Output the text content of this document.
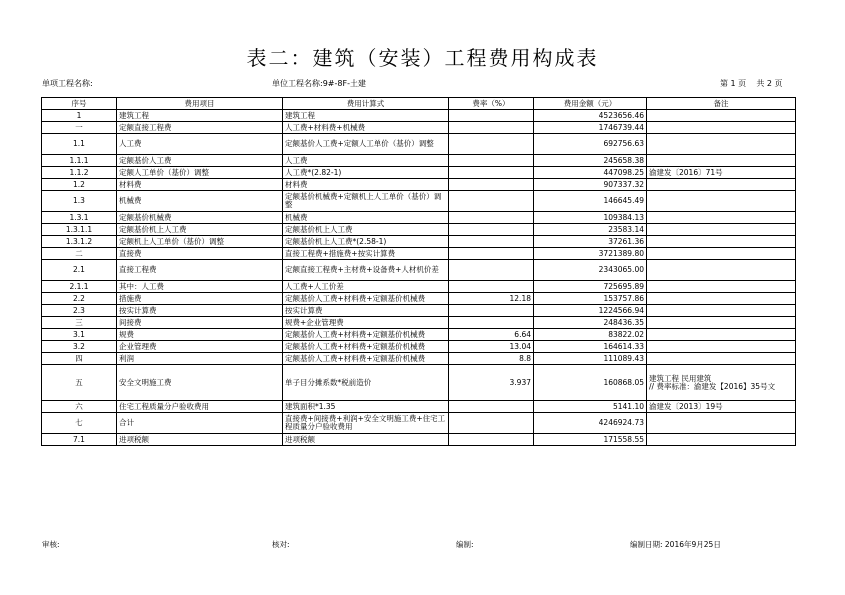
表二：建筑（安装）工程费用构成表
单项工程名称:	单位工程名称:9#-8F-土建	第 1 页    共 2 页
序号	费用项目	费用计算式	费率（%）	费用金额（元）	备注
1	建筑工程	建筑工程		4523656.46	
一	定额直接工程费	人工费+材料费+机械费		1746739.44	
1.1	人工费	定额基价人工费+定额人工单价（基价）调整		692756.63	
1.1.1	定额基价人工费	人工费		245658.38	
1.1.2	定额人工单价（基价）调整	人工费*(2.82-1)		447098.25	渝建发〔2016〕71号
1.2	材料费	材料费		907337.32	
1.3	机械费	定额基价机械费+定额机上人工单价（基价）调整		146645.49	
1.3.1	定额基价机械费	机械费		109384.13	
1.3.1.1	定额基价机上人工费	定额基价机上人工费		23583.14	
1.3.1.2	定额机上人工单价（基价）调整	定额基价机上人工费*(2.58-1)		37261.36	
二	直接费	直接工程费+措施费+按实计算费		3721389.80	
2.1	直接工程费	定额直接工程费+主材费+设备费+人材机价差		2343065.00	
2.1.1	其中：人工费	人工费+人工价差		725695.89	
2.2	措施费	定额基价人工费+材料费+定额基价机械费	12.18	153757.86	
2.3	按实计算费	按实计算费		1224566.94	
三	间接费	规费+企业管理费		248436.35	
3.1	规费	定额基价人工费+材料费+定额基价机械费	6.64	83822.02	
3.2	企业管理费	定额基价人工费+材料费+定额基价机械费	13.04	164614.33	
四	利润	定额基价人工费+材料费+定额基价机械费	8.8	111089.43	
五	安全文明施工费	单子目分摊系数*税前造价	3.937	160868.05	建筑工程 民用建筑
// 费率标准：渝建发【2016】35号文
六	住宅工程质量分户验收费用	建筑面积*1.35		5141.10	渝建发〔2013〕19号
七	合计	直接费+间接费+利润+安全文明施工费+住宅工程质量分户验收费用		4246924.73	
7.1	进项税额	进项税额		171558.55	
审核:	核对:	编制:	编制日期: 2016年9月25日
